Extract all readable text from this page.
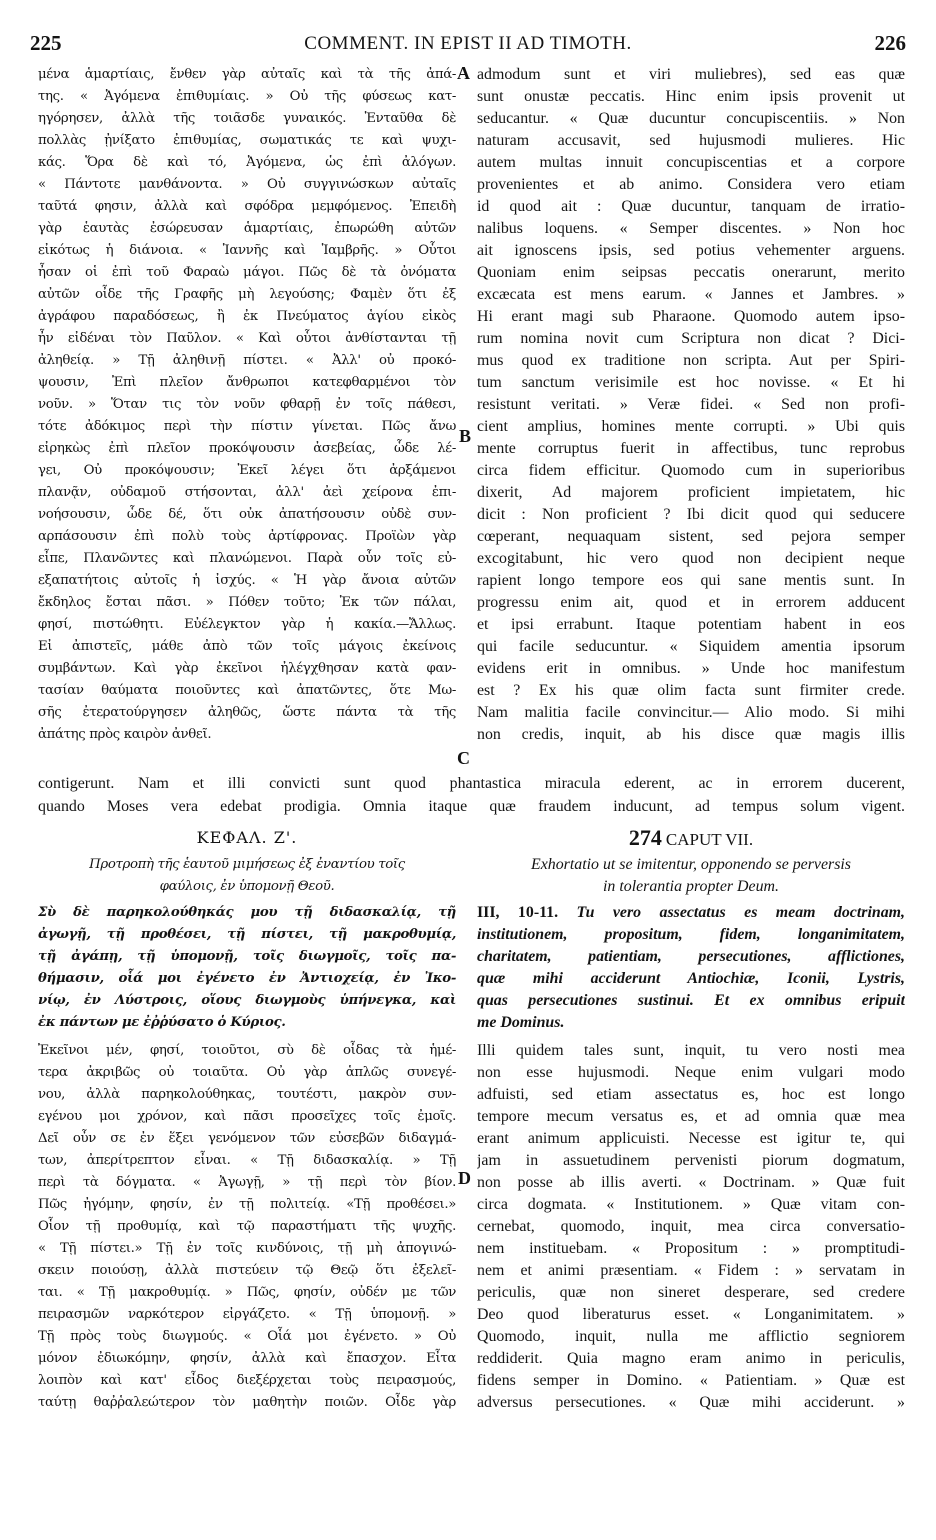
225	COMMENT. IN EPIST II AD TIMOTH.	226
μένα ἁμαρτίαις, ἔνθεν γὰρ αὐταῖς καὶ τὰ τῆς ἀπά-
της. « Ἀγόμενα ἐπιθυμίαις. » Οὐ τῆς φύσεως κατ-
ηγόρησεν, ἀλλὰ τῆς τοιᾶσδε γυναικός. Ἐνταῦθα δὲ
πολλὰς ᾐνίξατο ἐπιθυμίας, σωματικάς τε καὶ ψυχι-
κάς. Ὅρα δὲ καὶ τό, Ἀγόμενα, ὡς ἐπὶ ἀλόγων.
« Πάντοτε μανθάνοντα. » Οὐ συγγινώσκων αὐταῖς
ταῦτά φησιν, ἀλλὰ καὶ σφόδρα μεμφόμενος. Ἐπειδὴ
γὰρ ἑαυτὰς ἐσώρευσαν ἁμαρτίαις, ἐπωρώθη αὐτῶν
εἰκότως ἡ διάνοια. « Ἰαννῆς καὶ Ἰαμβρῆς. » Οὗτοι
ἦσαν οἱ ἐπὶ τοῦ Φαραὼ μάγοι. Πῶς δὲ τὰ ὀνόματα
αὐτῶν οἶδε τῆς Γραφῆς μὴ λεγούσης; Φαμὲν ὅτι ἐξ
ἀγράφου παραδόσεως, ἢ ἐκ Πνεύματος ἁγίου εἰκὸς
ἦν εἰδέναι τὸν Παῦλον. « Καὶ οὗτοι ἀνθίστανται τῇ
ἀληθείᾳ. » Τῇ ἀληθινῇ πίστει. « Ἀλλ' οὐ προκό-
ψουσιν, Ἐπὶ πλεῖον ἄνθρωποι κατεφθαρμένοι τὸν
νοῦν. » Ὅταν τις τὸν νοῦν φθαρῇ ἐν τοῖς πάθεσι,
τότε ἀδόκιμος περὶ τὴν πίστιν γίνεται. Πῶς ἄνω
εἰρηκὼς ἐπὶ πλεῖον προκόψουσιν ἀσεβείας, ὧδε λέ-
γει, Οὐ προκόψουσιν; Ἐκεῖ λέγει ὅτι ἀρξάμενοι
πλανᾷν, οὐδαμοῦ στήσονται, ἀλλ' ἀεὶ χείρονα ἐπι-
νοήσουσιν, ὧδε δέ, ὅτι οὐκ ἀπατήσουσιν οὐδὲ συν-
αρπάσουσιν ἐπὶ πολὺ τοὺς ἀρτίφρονας. Προϊὼν γὰρ
εἶπε, Πλανῶντες καὶ πλανώμενοι. Παρὰ οὖν τοῖς εὐ-
εξαπατήτοις αὐτοῖς ἡ ἰσχύς. « Ἡ γὰρ ἄνοια αὐτῶν
ἔκδηλος ἔσται πᾶσι. » Πόθεν τοῦτο; Ἐκ τῶν πάλαι,
φησί, πιστώθητι. Εὐέλεγκτον γὰρ ἡ κακία.—Ἄλλως.
Εἰ ἀπιστεῖς, μάθε ἀπὸ τῶν τοῖς μάγοις ἐκείνοις
συμβάντων. Καὶ γὰρ ἐκεῖνοι ἠλέγχθησαν κατὰ φαν-
τασίαν θαύματα ποιοῦντες καὶ ἀπατῶντες, ὅτε Μω-
σῆς ἐτερατούργησεν ἀληθῶς, ὥστε πάντα τὰ τῆς
ἀπάτης πρὸς καιρὸν ἀνθεῖ.
admodum sunt et viri muliebres), sed eas quæ
sunt onustæ peccatis. Hinc enim ipsis provenit ut
seducantur. « Quæ ducuntur concupiscentiis. » Non
naturam accusavit, sed hujusmodi mulieres. Hic
autem multas innuit concupiscentias et a corpore
provenientes et ab animo. Considera vero etiam
id quod ait : Quæ ducuntur, tanquam de irratio-
nalibus loquens. « Semper discentes. » Non hoc
ait ignoscens ipsis, sed potius vehementer arguens.
Quoniam enim seipsas peccatis onerarunt, merito
excæcata est mens earum. « Jannes et Jambres. »
Hi erant magi sub Pharaone. Quomodo autem ipso-
rum nomina novit cum Scriptura non dicat ? Dici-
mus quod ex traditione non scripta. Aut per Spiri-
tum sanctum verisimile est hoc novisse. « Et hi
resistunt veritati. » Veræ fidei. « Sed non profi-
cient amplius, homines mente corrupti. » Ubi quis
mente corruptus fuerit in affectibus, tunc reprobus
circa fidem efficitur. Quomodo cum in superioribus
dixerit, Ad majorem proficient impietatem, hic
dicit : Non proficient ? Ibi dicit quod qui seducere
cœperant, nequaquam sistent, sed pejora semper
excogitabunt, hic vero quod non decipient neque
rapient longo tempore eos qui sane mentis sunt. In
progressu enim ait, quod et in errorem adducent
et ipsi errabunt. Itaque potentiam habent in eos
qui facile seducuntur. « Siquidem amentia ipsorum
evidens erit in omnibus. » Unde hoc manifestum
est ? Ex his quæ olim facta sunt firmiter crede.
Nam malitia facile convincitur.— Alio modo. Si mihi
non credis, inquit, ab his disce quæ magis illis
A
B
C
D
contigerunt. Nam et illi convicti sunt quod phantastica miracula ederent, ac in errorem ducerent,
quando Moses vera edebat prodigia. Omnia itaque quæ fraudem inducunt, ad tempus solum vigent.
ΚΕΦΑΛ. Ζ'.
Προτροπὴ τῆς ἑαυτοῦ μιμήσεως ἐξ ἐναντίου τοῖς
φαύλοις, ἐν ὑπομονῇ Θεοῦ.
Σὺ δὲ παρηκολούθηκάς μου τῇ διδασκαλίᾳ, τῇ
ἀγωγῇ, τῇ προθέσει, τῇ πίστει, τῇ μακροθυμίᾳ,
τῇ ἀγάπῃ, τῇ ὑπομονῇ, τοῖς διωγμοῖς, τοῖς πα-
θήμασιν, οἷά μοι ἐγένετο ἐν Ἀντιοχείᾳ, ἐν Ἰκο-
νίῳ, ἐν Λύστροις, οἵους διωγμοὺς ὑπήνεγκα, καὶ
ἐκ πάντων με ἐῤῥύσατο ὁ Κύριος.
Ἐκεῖνοι μέν, φησί, τοιοῦτοι, σὺ δὲ οἶδας τὰ ἡμέ-
τερα ἀκριβῶς οὐ τοιαῦτα. Οὐ γὰρ ἁπλῶς συνεγέ-
νου, ἀλλὰ παρηκολούθηκας, τουτέστι, μακρὸν συν-
εγένου μοι χρόνον, καὶ πᾶσι προσεῖχες τοῖς ἐμοῖς.
Δεῖ οὖν σε ἐν ἕξει γενόμενον τῶν εὐσεβῶν διδαγμά-
των, ἀπερίτρεπτον εἶναι. « Τῇ διδασκαλίᾳ. » Τῇ
περὶ τὰ δόγματα. « Ἀγωγῇ, » τῇ περὶ τὸν βίον.
Πῶς ἠγόμην, φησίν, ἐν τῇ πολιτείᾳ. «Τῇ προθέσει.»
Οἷον τῇ προθυμίᾳ, καὶ τῷ παραστήματι τῆς ψυχῆς.
« Τῇ πίστει.» Τῇ ἐν τοῖς κινδύνοις, τῇ μὴ ἀπογινώ-
σκειν ποιούσῃ, ἀλλὰ πιστεύειν τῷ Θεῷ ὅτι ἐξελεῖ-
ται. « Τῇ μακροθυμίᾳ. » Πῶς, φησίν, οὐδέν με τῶν
πειρασμῶν ναρκότερον εἰργάζετο. « Τῇ ὑπομονῇ. »
Τῇ πρὸς τοὺς διωγμούς. « Οἷά μοι ἐγένετο. » Οὐ
μόνον ἐδιωκόμην, φησίν, ἀλλὰ καὶ ἔπασχον. Εἶτα
λοιπὸν καὶ κατ' εἶδος διεξέρχεται τοὺς πειρασμούς,
ταύτῃ θαῤῥαλεώτερον τὸν μαθητὴν ποιῶν. Οἶδε γὰρ
274 CAPUT VII.
Exhortatio ut se imitentur, opponendo se perversis
in tolerantia propter Deum.
III, 10-11. Tu vero assectatus es meam doctrinam,
institutionem, propositum, fidem, longanimitatem,
charitatem, patientiam, persecutiones, afflictiones,
quæ mihi acciderunt Antiochiæ, Iconii, Lystris,
quas persecutiones sustinui. Et ex omnibus eripuit
me Dominus.
Illi quidem tales sunt, inquit, tu vero nosti mea
non esse hujusmodi. Neque enim vulgari modo
adfuisti, sed etiam assectatus es, hoc est longo
tempore mecum versatus es, et ad omnia quæ mea
erant animum applicuisti. Necesse est igitur te, qui
jam in assuetudinem pervenisti piorum dogmatum,
non posse ab illis averti. « Doctrinam. » Quæ fuit
circa dogmata. « Institutionem. » Quæ vitam con-
cernebat, quomodo, inquit, mea circa conversatio-
nem instituebam. « Propositum : » promptitudi-
nem et animi præsentiam. « Fidem : » servatam in
periculis, quæ non sineret desperare, sed credere
Deo quod liberaturus esset. « Longanimitatem. »
Quomodo, inquit, nulla me afflictio segniorem
reddiderit. Quia magno eram animo in periculis,
fidens semper in Domino. « Patientiam. » Quæ est
adversus persecutiones. « Quæ mihi acciderunt. »
